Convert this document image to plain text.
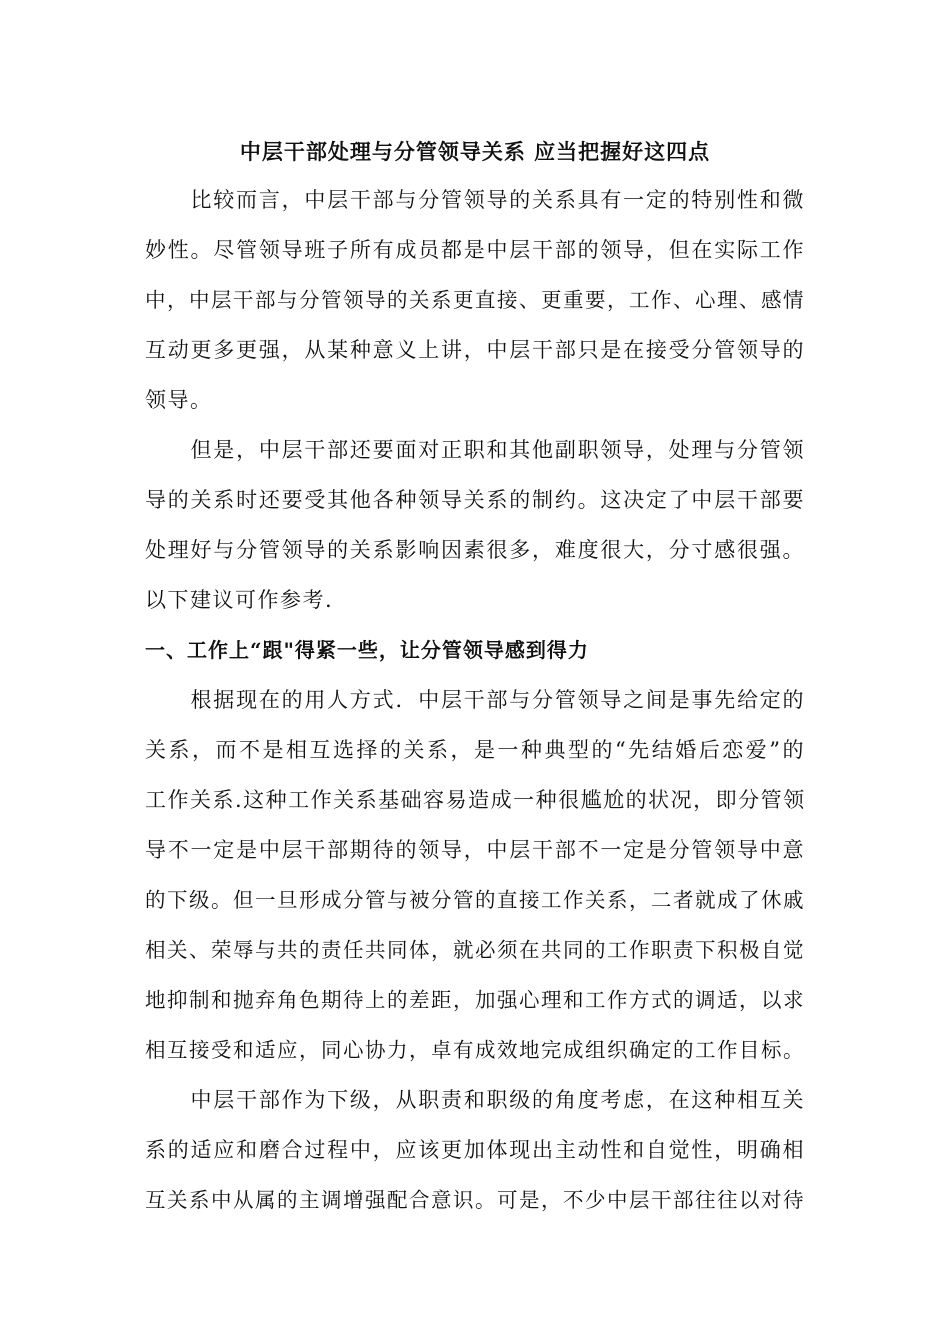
中层干部处理与分管领导关系 应当把握好这四点
　　比较而言，中层干部与分管领导的关系具有一定的特别性和微
妙性。尽管领导班子所有成员都是中层干部的领导，但在实际工作
中，中层干部与分管领导的关系更直接、更重要，工作、心理、感情
互动更多更强，从某种意义上讲，中层干部只是在接受分管领导的
领导。
　　但是，中层干部还要面对正职和其他副职领导，处理与分管领
导的关系时还要受其他各种领导关系的制约。这决定了中层干部要
处理好与分管领导的关系影响因素很多，难度很大，分寸感很强。
以下建议可作参考.
一、工作上“跟"得紧一些，让分管领导感到得力
　　根据现在的用人方式．中层干部与分管领导之间是事先给定的
关系，而不是相互选择的关系，是一种典型的“先结婚后恋爱”的
工作关系.这种工作关系基础容易造成一种很尴尬的状况，即分管领
导不一定是中层干部期待的领导，中层干部不一定是分管领导中意
的下级。但一旦形成分管与被分管的直接工作关系，二者就成了休戚
相关、荣辱与共的责任共同体，就必须在共同的工作职责下积极自觉
地抑制和抛弃角色期待上的差距，加强心理和工作方式的调适，以求
相互接受和适应，同心协力，卓有成效地完成组织确定的工作目标。
　　中层干部作为下级，从职责和职级的角度考虑，在这种相互关
系的适应和磨合过程中，应该更加体现出主动性和自觉性，明确相
互关系中从属的主调增强配合意识。可是，不少中层干部往往以对待
